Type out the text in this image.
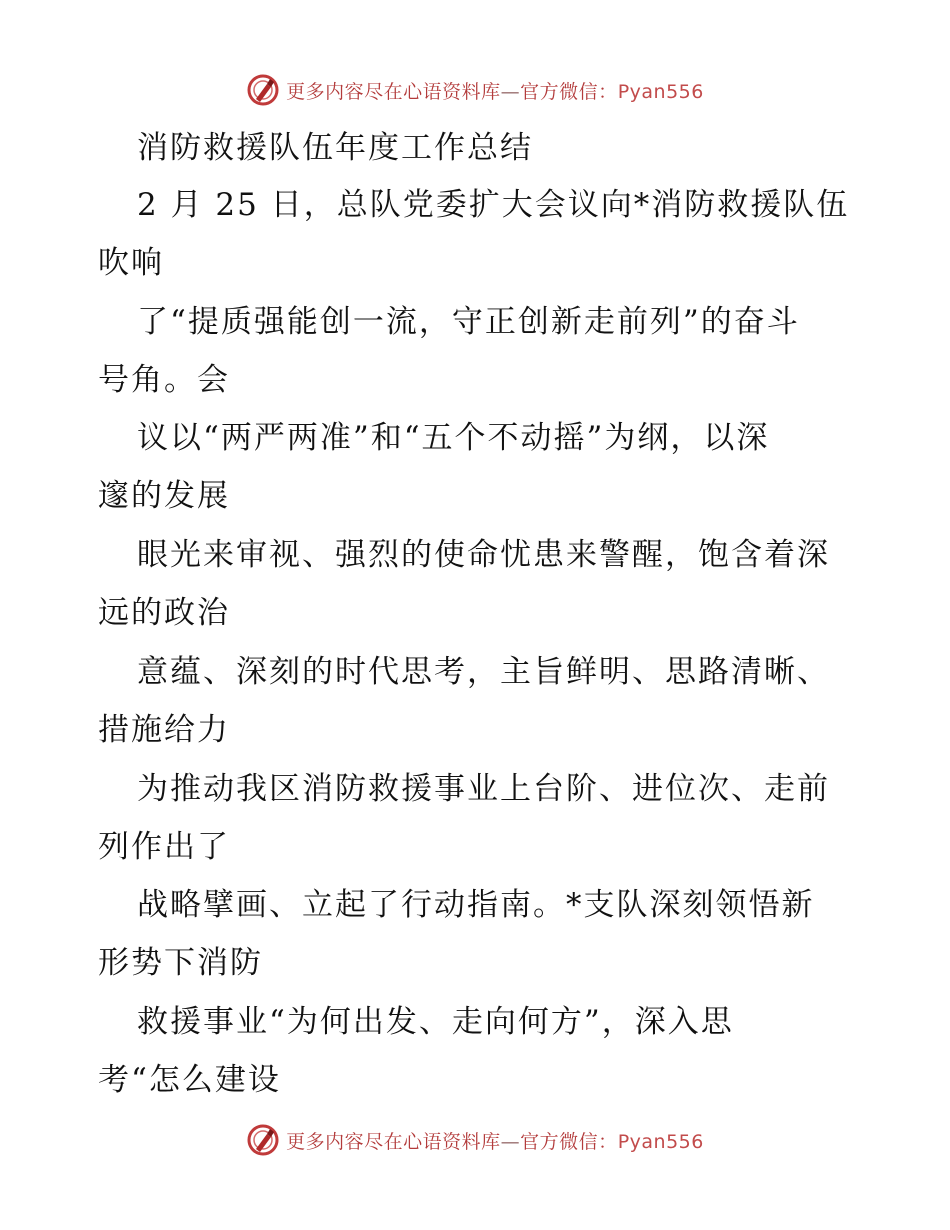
更多内容尽在心语资料库—官方微信：Pyan556
消防救援队伍年度工作总结
2 月 25 日，总队党委扩大会议向*消防救援队伍
吹响
了“提质强能创一流，守正创新走前列”的奋斗
号角。会
议以“两严两准”和“五个不动摇”为纲，以深
邃的发展
眼光来审视、强烈的使命忧患来警醒，饱含着深
远的政治
意蕴、深刻的时代思考，主旨鲜明、思路清晰、
措施给力
为推动我区消防救援事业上台阶、进位次、走前
列作出了
战略擘画、立起了行动指南。*支队深刻领悟新
形势下消防
救援事业“为何出发、走向何方”，深入思
考“怎么建设
更多内容尽在心语资料库—官方微信：Pyan556
